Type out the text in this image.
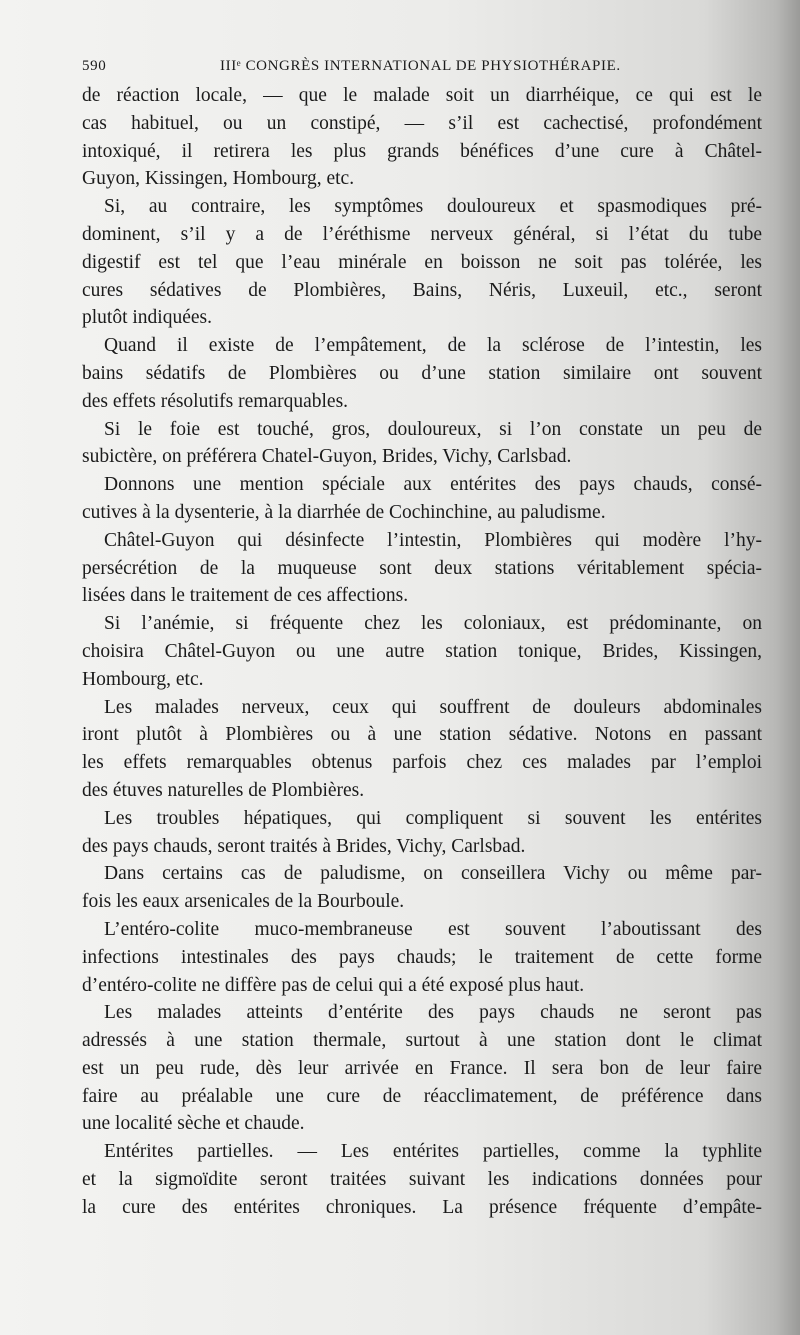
590	IIIᵉ CONGRÈS INTERNATIONAL DE PHYSIOTHÉRAPIE.
de réaction locale, — que le malade soit un diarrhéique, ce qui est le
cas habituel, ou un constipé, — s’il est cachectisé, profondément
intoxiqué, il retirera les plus grands bénéfices d’une cure à Châtel-
Guyon, Kissingen, Hombourg, etc.
Si, au contraire, les symptômes douloureux et spasmodiques pré-
dominent, s’il y a de l’éréthisme nerveux général, si l’état du tube
digestif est tel que l’eau minérale en boisson ne soit pas tolérée, les
cures sédatives de Plombières, Bains, Néris, Luxeuil, etc., seront
plutôt indiquées.
Quand il existe de l’empâtement, de la sclérose de l’intestin, les
bains sédatifs de Plombières ou d’une station similaire ont souvent
des effets résolutifs remarquables.
Si le foie est touché, gros, douloureux, si l’on constate un peu de
subictère, on préférera Chatel-Guyon, Brides, Vichy, Carlsbad.
Donnons une mention spéciale aux entérites des pays chauds, consé-
cutives à la dysenterie, à la diarrhée de Cochinchine, au paludisme.
Châtel-Guyon qui désinfecte l’intestin, Plombières qui modère l’hy-
persécrétion de la muqueuse sont deux stations véritablement spécia-
lisées dans le traitement de ces affections.
Si l’anémie, si fréquente chez les coloniaux, est prédominante, on
choisira Châtel-Guyon ou une autre station tonique, Brides, Kissingen,
Hombourg, etc.
Les malades nerveux, ceux qui souffrent de douleurs abdominales
iront plutôt à Plombières ou à une station sédative. Notons en passant
les effets remarquables obtenus parfois chez ces malades par l’emploi
des étuves naturelles de Plombières.
Les troubles hépatiques, qui compliquent si souvent les entérites
des pays chauds, seront traités à Brides, Vichy, Carlsbad.
Dans certains cas de paludisme, on conseillera Vichy ou même par-
fois les eaux arsenicales de la Bourboule.
L’entéro-colite muco-membraneuse est souvent l’aboutissant des
infections intestinales des pays chauds; le traitement de cette forme
d’entéro-colite ne diffère pas de celui qui a été exposé plus haut.
Les malades atteints d’entérite des pays chauds ne seront pas
adressés à une station thermale, surtout à une station dont le climat
est un peu rude, dès leur arrivée en France. Il sera bon de leur faire
faire au préalable une cure de réacclimatement, de préférence dans
une localité sèche et chaude.
Entérites partielles. — Les entérites partielles, comme la typhlite
et la sigmoïdite seront traitées suivant les indications données pour
la cure des entérites chroniques. La présence fréquente d’empâte-
